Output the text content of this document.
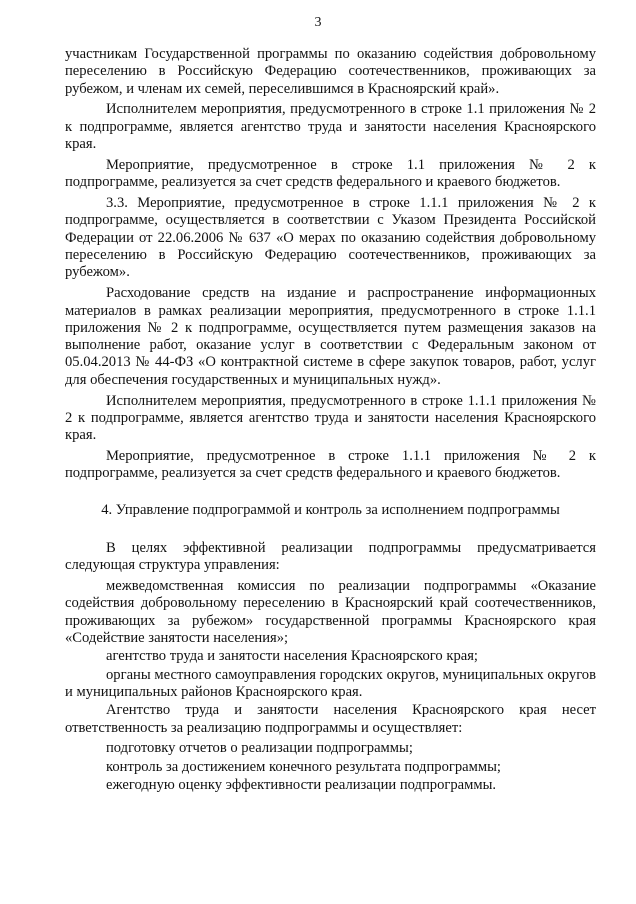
3

участникам Государственной программы по оказанию содействия добровольному переселению в Российскую Федерацию соотечественников, проживающих за рубежом, и членам их семей, переселившимся в Красноярский край».

Исполнителем мероприятия, предусмотренного в строке 1.1 приложения № 2 к подпрограмме, является агентство труда и занятости населения Красноярского края.

Мероприятие, предусмотренное в строке 1.1 приложения № 2 к подпрограмме, реализуется за счет средств федерального и краевого бюджетов.

3.3. Мероприятие, предусмотренное в строке 1.1.1 приложения № 2 к подпрограмме, осуществляется в соответствии с Указом Президента Российской Федерации от 22.06.2006 № 637 «О мерах по оказанию содействия добровольному переселению в Российскую Федерацию соотечественников, проживающих за рубежом».

Расходование средств на издание и распространение информационных материалов в рамках реализации мероприятия, предусмотренного в строке 1.1.1 приложения № 2 к подпрограмме, осуществляется путем размещения заказов на выполнение работ, оказание услуг в соответствии с Федеральным законом от 05.04.2013 № 44-ФЗ «О контрактной системе в сфере закупок товаров, работ, услуг для обеспечения государственных и муниципальных нужд».

Исполнителем мероприятия, предусмотренного в строке 1.1.1 приложения № 2 к подпрограмме, является агентство труда и занятости населения Красноярского края.

Мероприятие, предусмотренное в строке 1.1.1 приложения № 2 к подпрограмме, реализуется за счет средств федерального и краевого бюджетов.

4. Управление подпрограммой и контроль за исполнением подпрограммы

В целях эффективной реализации подпрограммы предусматривается следующая структура управления:

межведомственная комиссия по реализации подпрограммы «Оказание содействия добровольному переселению в Красноярский край соотечественников, проживающих за рубежом» государственной программы Красноярского края «Содействие занятости населения»;

агентство труда и занятости населения Красноярского края;

органы местного самоуправления городских округов, муниципальных округов и муниципальных районов Красноярского края.

Агентство труда и занятости населения Красноярского края несет ответственность за реализацию подпрограммы и осуществляет:

подготовку отчетов о реализации подпрограммы;

контроль за достижением конечного результата подпрограммы;

ежегодную оценку эффективности реализации подпрограммы.
